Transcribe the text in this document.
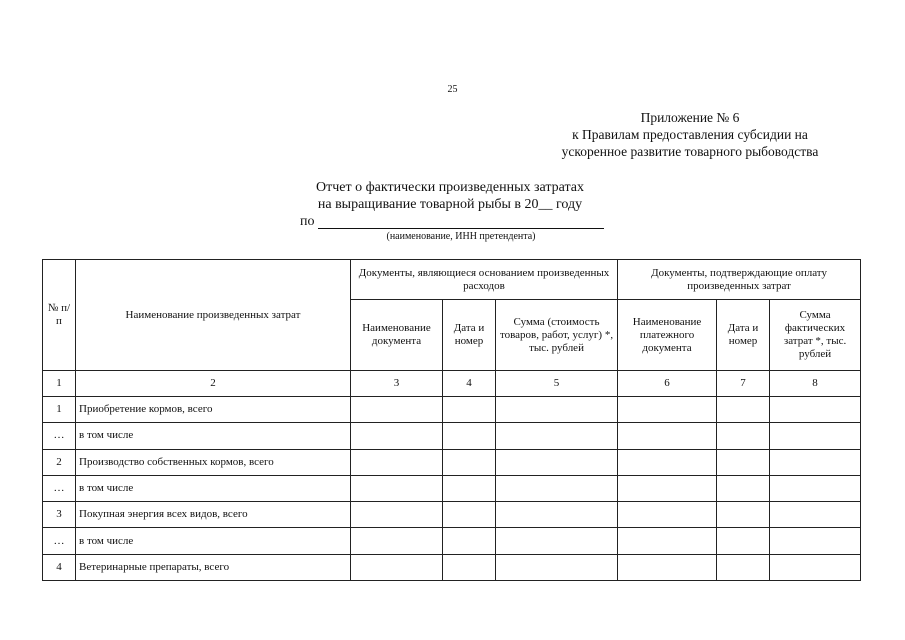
25
Приложение № 6
к Правилам предоставления субсидии на
ускоренное развитие товарного рыбоводства
Отчет о фактически произведенных затратах
на выращивание товарной рыбы в 20__ году
по
(наименование, ИНН претендента)
№ п/п	Наименование произведенных затрат	Документы, являющиеся основанием произведенных расходов			Документы, подтверждающие оплату произведенных затрат		
		Наименование документа	Дата и номер	Сумма (стоимость товаров, работ, услуг) *, тыс. рублей	Наименование платежного документа	Дата и номер	Сумма фактических затрат *, тыс. рублей
1	2	3	4	5	6	7	8
1	Приобретение кормов, всего						
…	в том числе						
2	Производство собственных кормов, всего						
…	в том числе						
3	Покупная энергия всех видов, всего						
…	в том числе						
4	Ветеринарные препараты, всего						
